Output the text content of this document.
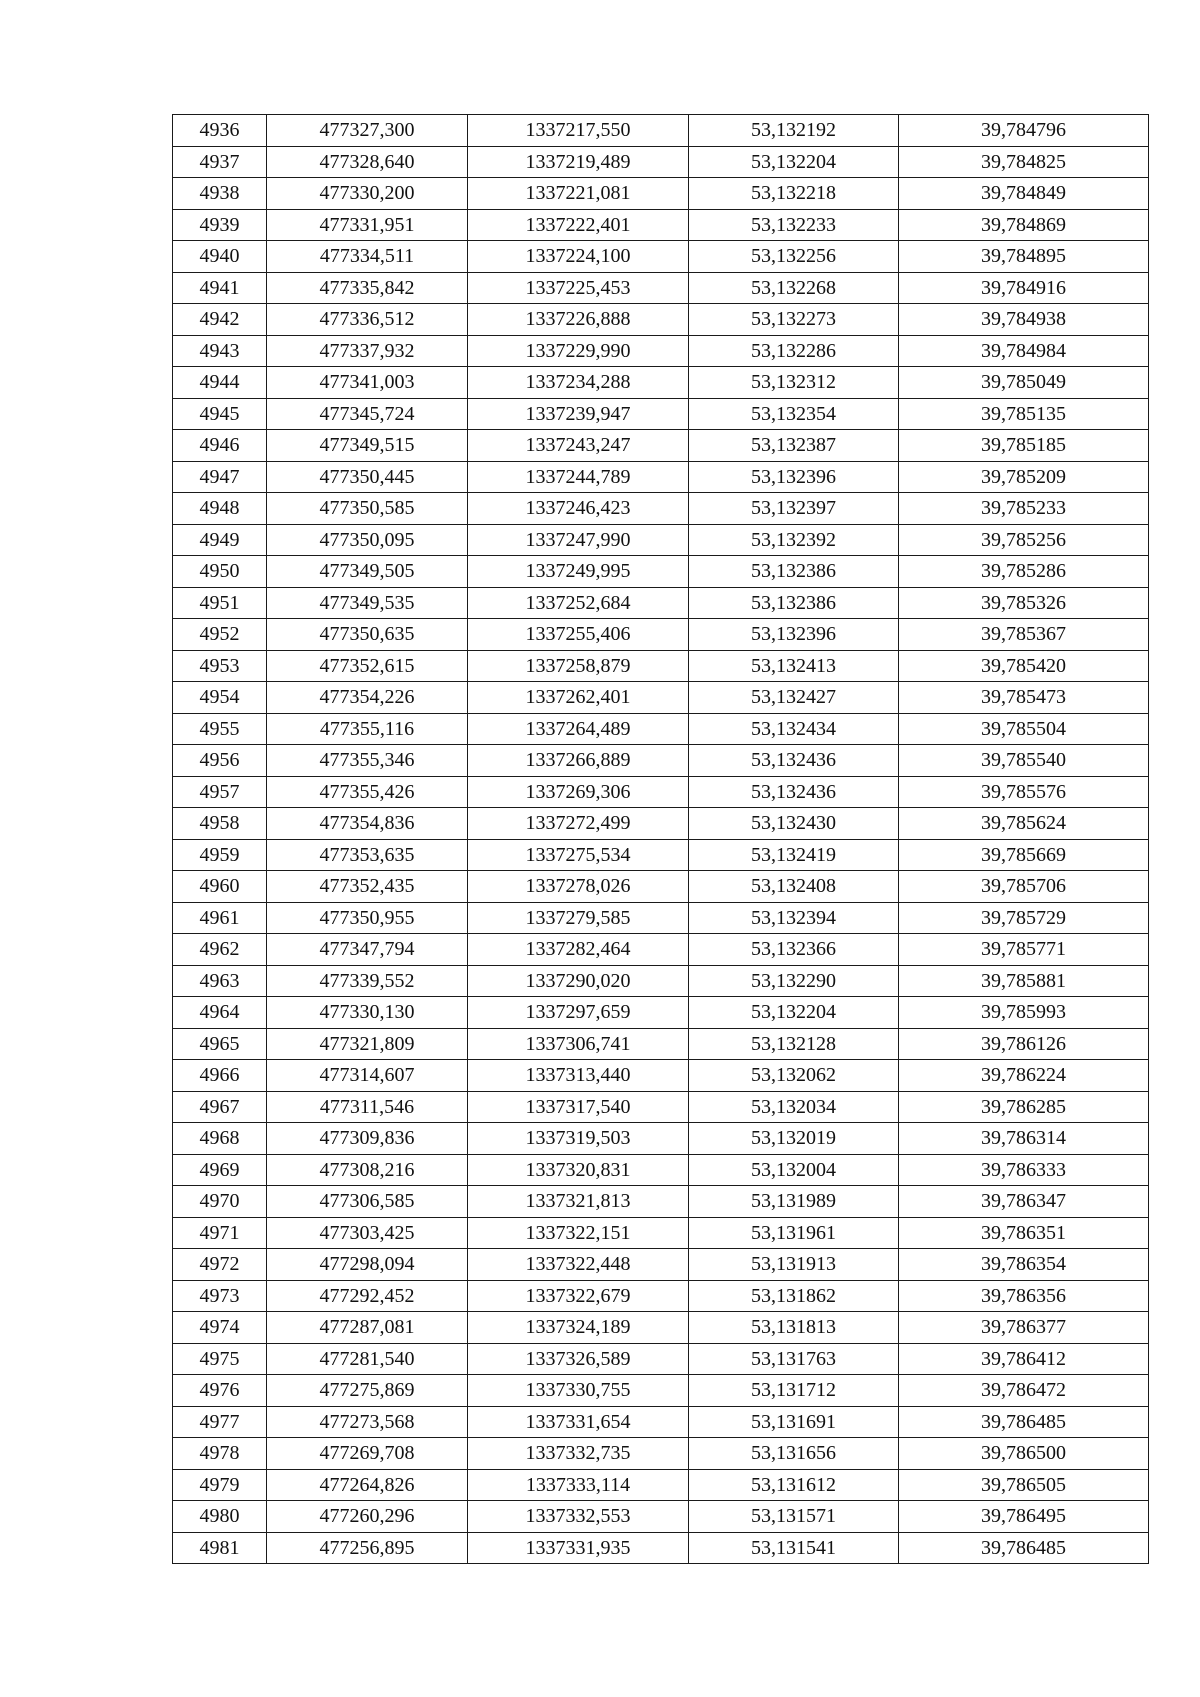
4936	477327,300	1337217,550	53,132192	39,784796
4937	477328,640	1337219,489	53,132204	39,784825
4938	477330,200	1337221,081	53,132218	39,784849
4939	477331,951	1337222,401	53,132233	39,784869
4940	477334,511	1337224,100	53,132256	39,784895
4941	477335,842	1337225,453	53,132268	39,784916
4942	477336,512	1337226,888	53,132273	39,784938
4943	477337,932	1337229,990	53,132286	39,784984
4944	477341,003	1337234,288	53,132312	39,785049
4945	477345,724	1337239,947	53,132354	39,785135
4946	477349,515	1337243,247	53,132387	39,785185
4947	477350,445	1337244,789	53,132396	39,785209
4948	477350,585	1337246,423	53,132397	39,785233
4949	477350,095	1337247,990	53,132392	39,785256
4950	477349,505	1337249,995	53,132386	39,785286
4951	477349,535	1337252,684	53,132386	39,785326
4952	477350,635	1337255,406	53,132396	39,785367
4953	477352,615	1337258,879	53,132413	39,785420
4954	477354,226	1337262,401	53,132427	39,785473
4955	477355,116	1337264,489	53,132434	39,785504
4956	477355,346	1337266,889	53,132436	39,785540
4957	477355,426	1337269,306	53,132436	39,785576
4958	477354,836	1337272,499	53,132430	39,785624
4959	477353,635	1337275,534	53,132419	39,785669
4960	477352,435	1337278,026	53,132408	39,785706
4961	477350,955	1337279,585	53,132394	39,785729
4962	477347,794	1337282,464	53,132366	39,785771
4963	477339,552	1337290,020	53,132290	39,785881
4964	477330,130	1337297,659	53,132204	39,785993
4965	477321,809	1337306,741	53,132128	39,786126
4966	477314,607	1337313,440	53,132062	39,786224
4967	477311,546	1337317,540	53,132034	39,786285
4968	477309,836	1337319,503	53,132019	39,786314
4969	477308,216	1337320,831	53,132004	39,786333
4970	477306,585	1337321,813	53,131989	39,786347
4971	477303,425	1337322,151	53,131961	39,786351
4972	477298,094	1337322,448	53,131913	39,786354
4973	477292,452	1337322,679	53,131862	39,786356
4974	477287,081	1337324,189	53,131813	39,786377
4975	477281,540	1337326,589	53,131763	39,786412
4976	477275,869	1337330,755	53,131712	39,786472
4977	477273,568	1337331,654	53,131691	39,786485
4978	477269,708	1337332,735	53,131656	39,786500
4979	477264,826	1337333,114	53,131612	39,786505
4980	477260,296	1337332,553	53,131571	39,786495
4981	477256,895	1337331,935	53,131541	39,786485
